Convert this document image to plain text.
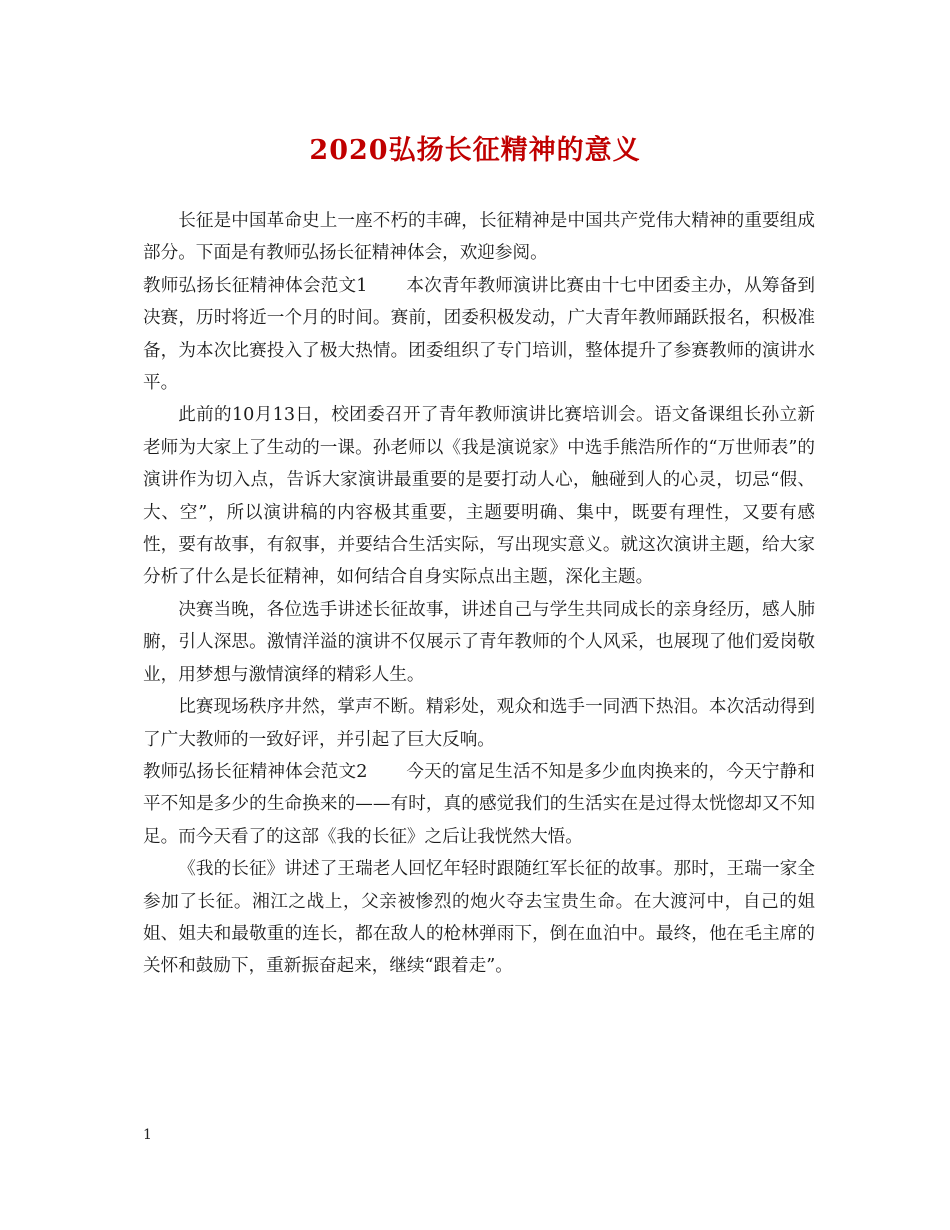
2020弘扬长征精神的意义

长征是中国革命史上一座不朽的丰碑，长征精神是中国共产党伟大精神的重要组成部分。下面是有教师弘扬长征精神体会，欢迎参阅。

教师弘扬长征精神体会范文1 本次青年教师演讲比赛由十七中团委主办，从筹备到决赛，历时将近一个月的时间。赛前，团委积极发动，广大青年教师踊跃报名，积极准备，为本次比赛投入了极大热情。团委组织了专门培训，整体提升了参赛教师的演讲水平。

此前的10月13日，校团委召开了青年教师演讲比赛培训会。语文备课组长孙立新老师为大家上了生动的一课。孙老师以《我是演说家》中选手熊浩所作的“万世师表”的演讲作为切入点，告诉大家演讲最重要的是要打动人心，触碰到人的心灵，切忌“假、大、空”，所以演讲稿的内容极其重要，主题要明确、集中，既要有理性，又要有感性，要有故事，有叙事，并要结合生活实际，写出现实意义。就这次演讲主题，给大家分析了什么是长征精神，如何结合自身实际点出主题，深化主题。

决赛当晚，各位选手讲述长征故事，讲述自己与学生共同成长的亲身经历，感人肺腑，引人深思。激情洋溢的演讲不仅展示了青年教师的个人风采，也展现了他们爱岗敬业，用梦想与激情演绎的精彩人生。

比赛现场秩序井然，掌声不断。精彩处，观众和选手一同洒下热泪。本次活动得到了广大教师的一致好评，并引起了巨大反响。

教师弘扬长征精神体会范文2 今天的富足生活不知是多少血肉换来的，今天宁静和平不知是多少的生命换来的——有时，真的感觉我们的生活实在是过得太恍惚却又不知足。而今天看了的这部《我的长征》之后让我恍然大悟。

《我的长征》讲述了王瑞老人回忆年轻时跟随红军长征的故事。那时，王瑞一家全参加了长征。湘江之战上，父亲被惨烈的炮火夺去宝贵生命。在大渡河中，自己的姐姐、姐夫和最敬重的连长，都在敌人的枪林弹雨下，倒在血泊中。最终，他在毛主席的关怀和鼓励下，重新振奋起来，继续“跟着走”。

1
